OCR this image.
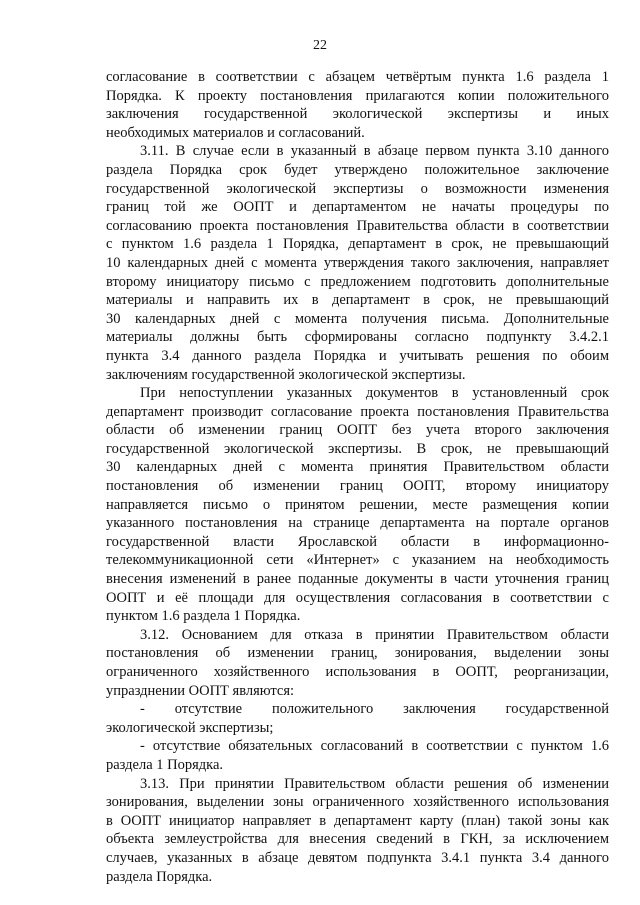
22

согласование в соответствии с абзацем четвёртым пункта 1.6 раздела 1

Порядка. К проекту постановления прилагаются копии положительного

заключения государственной экологической экспертизы и иных

необходимых материалов и согласований.

3.11. В случае если в указанный в абзаце первом пункта 3.10 данного

раздела Порядка срок будет утверждено положительное заключение

государственной экологической экспертизы о возможности изменения

границ той же ООПТ и департаментом не начаты процедуры по

согласованию проекта постановления Правительства области в соответствии

с пунктом 1.6 раздела 1 Порядка, департамент в срок, не превышающий

10 календарных дней с момента утверждения такого заключения, направляет

второму инициатору письмо с предложением подготовить дополнительные

материалы и направить их в департамент в срок, не превышающий

30 календарных дней с момента получения письма. Дополнительные

материалы должны быть сформированы согласно подпункту 3.4.2.1

пункта 3.4 данного раздела Порядка и учитывать решения по обоим

заключениям государственной экологической экспертизы.

При непоступлении указанных документов в установленный срок

департамент производит согласование проекта постановления Правительства

области об изменении границ ООПТ без учета второго заключения

государственной экологической экспертизы. В срок, не превышающий

30 календарных дней с момента принятия Правительством области

постановления об изменении границ ООПТ, второму инициатору

направляется письмо о принятом решении, месте размещения копии

указанного постановления на странице департамента на портале органов

государственной власти Ярославской области в информационно-

телекоммуникационной сети «Интернет» с указанием на необходимость

внесения изменений в ранее поданные документы в части уточнения границ

ООПТ и её площади для осуществления согласования в соответствии с

пунктом 1.6 раздела 1 Порядка.

3.12. Основанием для отказа в принятии Правительством области

постановления об изменении границ, зонирования, выделении зоны

ограниченного хозяйственного использования в ООПТ, реорганизации,

упразднении ООПТ являются:

- отсутствие положительного заключения государственной

экологической экспертизы;

- отсутствие обязательных согласований в соответствии с пунктом 1.6

раздела 1 Порядка.

3.13. При принятии Правительством области решения об изменении

зонирования, выделении зоны ограниченного хозяйственного использования

в ООПТ инициатор направляет в департамент карту (план) такой зоны как

объекта землеустройства для внесения сведений в ГКН, за исключением

случаев, указанных в абзаце девятом подпункта 3.4.1 пункта 3.4 данного

раздела Порядка.
